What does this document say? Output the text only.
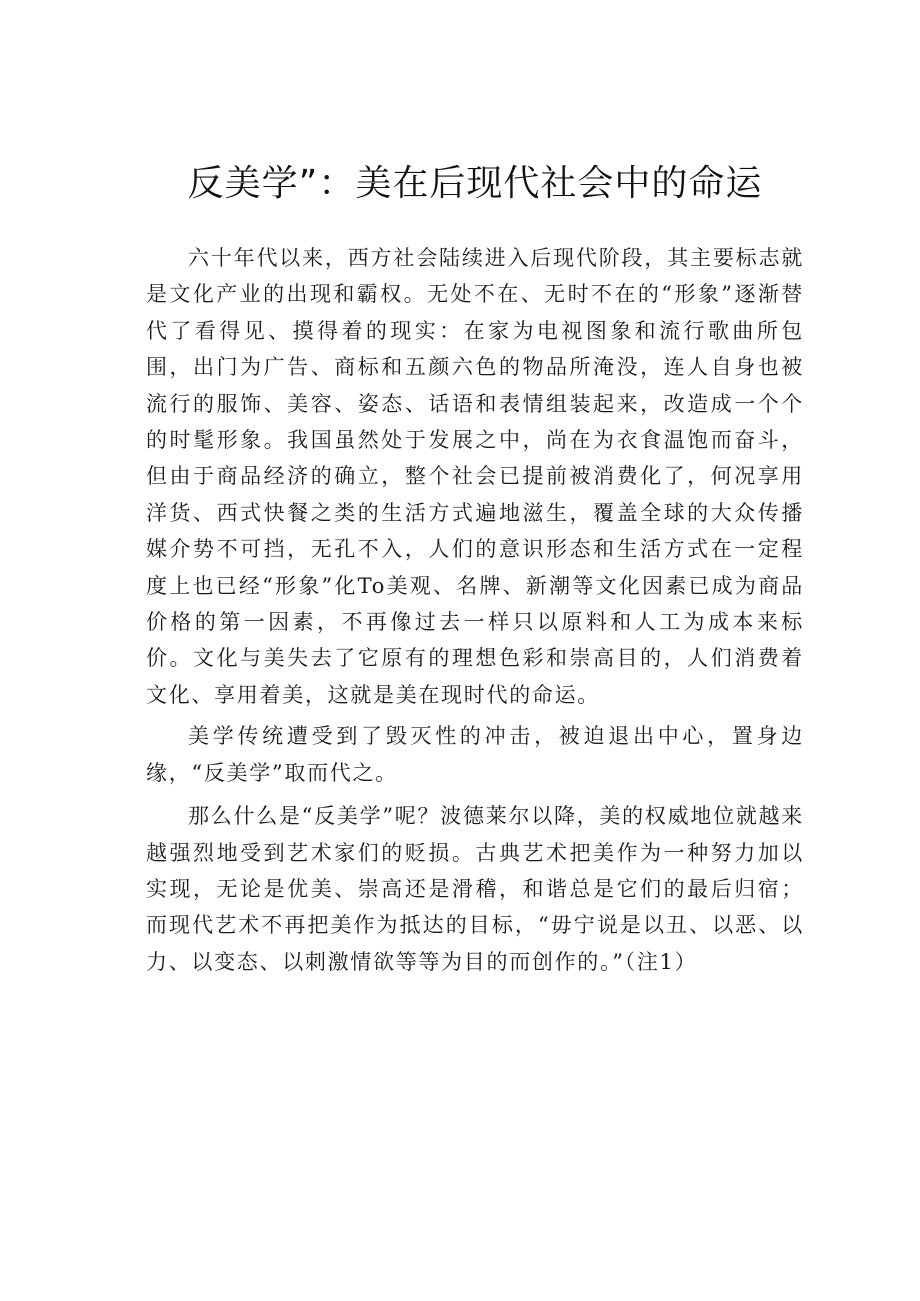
反美学”：美在后现代社会中的命运

六十年代以来，西方社会陆续进入后现代阶段，其主要标志就是文化产业的出现和霸权。无处不在、无时不在的“形象”逐渐替代了看得见、摸得着的现实：在家为电视图象和流行歌曲所包围，出门为广告、商标和五颜六色的物品所淹没，连人自身也被流行的服饰、美容、姿态、话语和表情组装起来，改造成一个个的时髦形象。我国虽然处于发展之中，尚在为衣食温饱而奋斗，但由于商品经济的确立，整个社会已提前被消费化了，何况享用洋货、西式快餐之类的生活方式遍地滋生，覆盖全球的大众传播媒介势不可挡，无孔不入，人们的意识形态和生活方式在一定程度上也已经“形象”化To美观、名牌、新潮等文化因素已成为商品价格的第一因素，不再像过去一样只以原料和人工为成本来标价。文化与美失去了它原有的理想色彩和崇高目的，人们消费着文化、享用着美，这就是美在现时代的命运。

美学传统遭受到了毁灭性的冲击，被迫退出中心，置身边缘，“反美学”取而代之。

那么什么是“反美学”呢？波德莱尔以降，美的权威地位就越来越强烈地受到艺术家们的贬损。古典艺术把美作为一种努力加以实现，无论是优美、崇高还是滑稽，和谐总是它们的最后归宿；而现代艺术不再把美作为抵达的目标，“毋宁说是以丑、以恶、以力、以变态、以刺激情欲等等为目的而创作的。”（注1）
